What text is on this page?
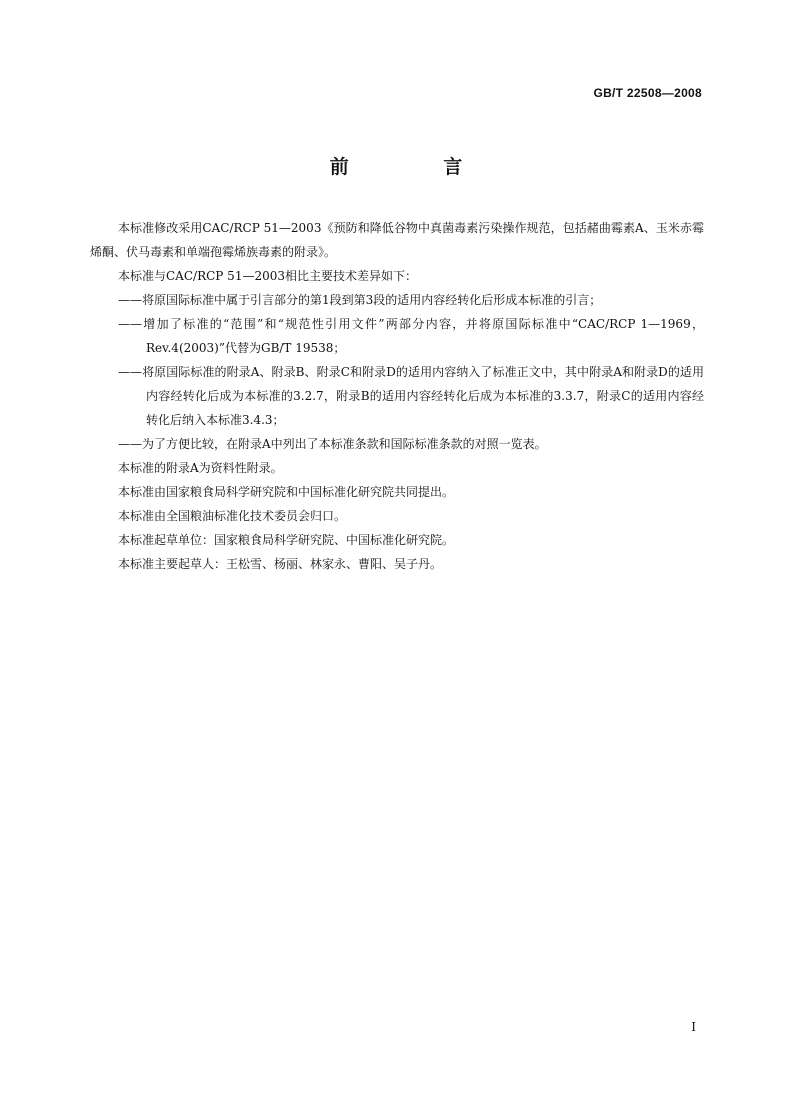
GB/T 22508—2008
前 言

本标准修改采用CAC/RCP 51—2003《预防和降低谷物中真菌毒素污染操作规范，包括赭曲霉素A、玉米赤霉烯酮、伏马毒素和单端孢霉烯族毒素的附录》。

本标准与CAC/RCP 51—2003相比主要技术差异如下：

——将原国际标准中属于引言部分的第1段到第3段的适用内容经转化后形成本标准的引言；

——增加了标准的“范围”和“规范性引用文件”两部分内容，并将原国际标准中“CAC/RCP 1—1969，Rev.4(2003)”代替为GB/T 19538；

——将原国际标准的附录A、附录B、附录C和附录D的适用内容纳入了标准正文中，其中附录A和附录D的适用内容经转化后成为本标准的3.2.7，附录B的适用内容经转化后成为本标准的3.3.7，附录C的适用内容经转化后纳入本标准3.4.3；

——为了方便比较，在附录A中列出了本标准条款和国际标准条款的对照一览表。

本标准的附录A为资料性附录。

本标准由国家粮食局科学研究院和中国标准化研究院共同提出。

本标准由全国粮油标准化技术委员会归口。

本标准起草单位：国家粮食局科学研究院、中国标准化研究院。

本标准主要起草人：王松雪、杨丽、林家永、曹阳、吴子丹。

I
